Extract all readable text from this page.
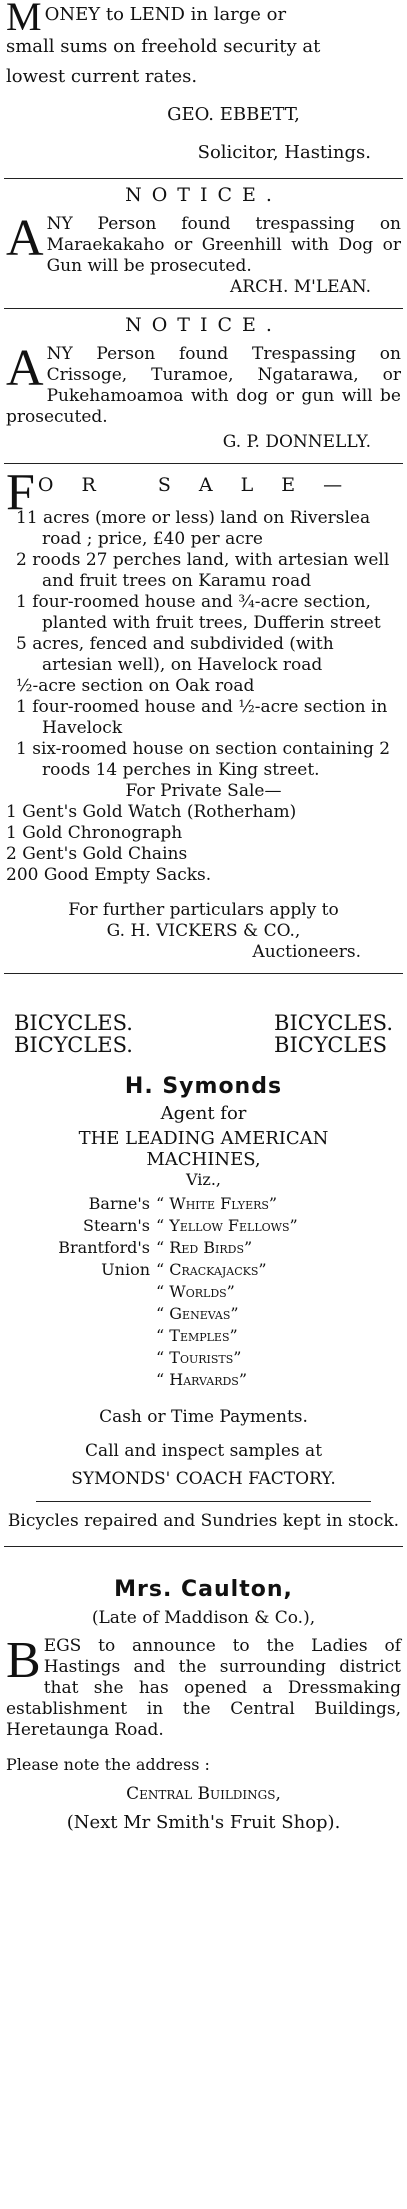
M ONEY to LEND in large or

small sums on freehold security at

lowest current rates.

GEO. EBBETT,

Solicitor, Hastings.

NOTICE.

A NY Person found trespassing on Maraekakaho or Greenhill with Dog or Gun will be prosecuted.

ARCH. M'LEAN.

NOTICE.

A NY Person found Trespassing on Crissoge, Turamoe, Ngatarawa, or Pukehamoamoa with dog or gun will be prosecuted.

G. P. DONNELLY.

F OR SALE—

11 acres (more or less) land on Riverslea road ; price, £40 per acre

2 roods 27 perches land, with artesian well and fruit trees on Karamu road

1 four-roomed house and ¾-acre section, planted with fruit trees, Dufferin street

5 acres, fenced and subdivided (with artesian well), on Havelock road

½-acre section on Oak road

1 four-roomed house and ½-acre section in Havelock

1 six-roomed house on section containing 2 roods 14 perches in King street.

For Private Sale—

1 Gent's Gold Watch (Rotherham)

1 Gold Chronograph

2 Gent's Gold Chains

200 Good Empty Sacks.

For further particulars apply to

G. H. VICKERS & CO.,

Auctioneers.

BICYCLES.

BICYCLES.

BICYCLES.

BICYCLES

H. Symonds

Agent for

THE LEADING AMERICAN

MACHINES,

Viz.,

Barne's “ White Flyers”
Stearn's “ Yellow Fellows”
Brantford's “ Red Birds”
Union “ Crackajacks”
“ Worlds”
“ Genevas”
“ Temples”
“ Tourists”
“ Harvards”

Cash or Time Payments.

Call and inspect samples at

SYMONDS' COACH FACTORY.

Bicycles repaired and Sundries kept in stock.

Mrs. Caulton,

(Late of Maddison & Co.),

B EGS to announce to the Ladies of Hastings and the surrounding district that she has opened a Dressmaking establishment in the Central Buildings, Heretaunga Road.

Please note the address :

Central Buildings,

(Next Mr Smith's Fruit Shop).
